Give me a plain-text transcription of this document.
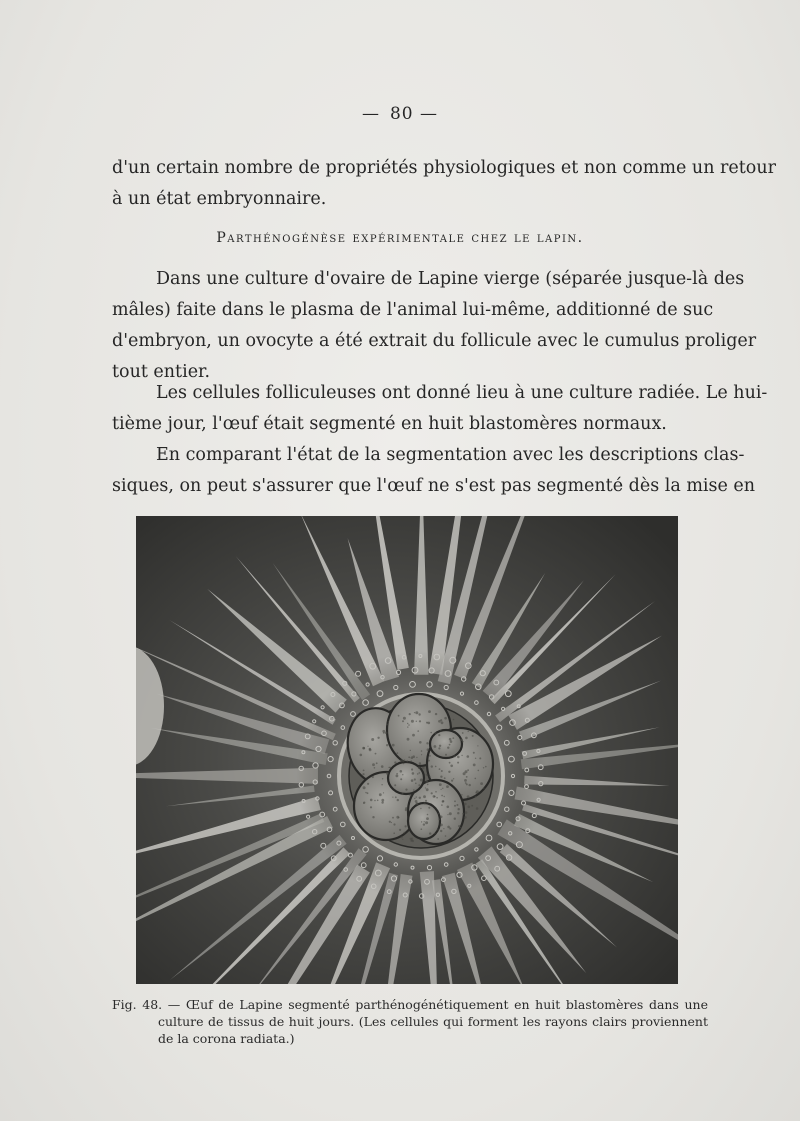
— 80 —
d'un certain nombre de propriétés physiologiques et non comme un retour
à un état embryonnaire.
Parthénogénèse expérimentale chez le lapin.
Dans une culture d'ovaire de Lapine vierge (séparée jusque-là des
mâles) faite dans le plasma de l'animal lui-même, additionné de suc
d'embryon, un ovocyte a été extrait du follicule avec le cumulus proliger
tout entier.
Les cellules folliculeuses ont donné lieu à une culture radiée. Le hui-
tième jour, l'œuf était segmenté en huit blastomères normaux.
En comparant l'état de la segmentation avec les descriptions clas-
siques, on peut s'assurer que l'œuf ne s'est pas segmenté dès la mise en
Fig. 48. — Œuf de Lapine segmenté parthénogénétiquement en huit blastomères dans une
culture de tissus de huit jours. (Les cellules qui forment les rayons clairs proviennent
de la corona radiata.)
